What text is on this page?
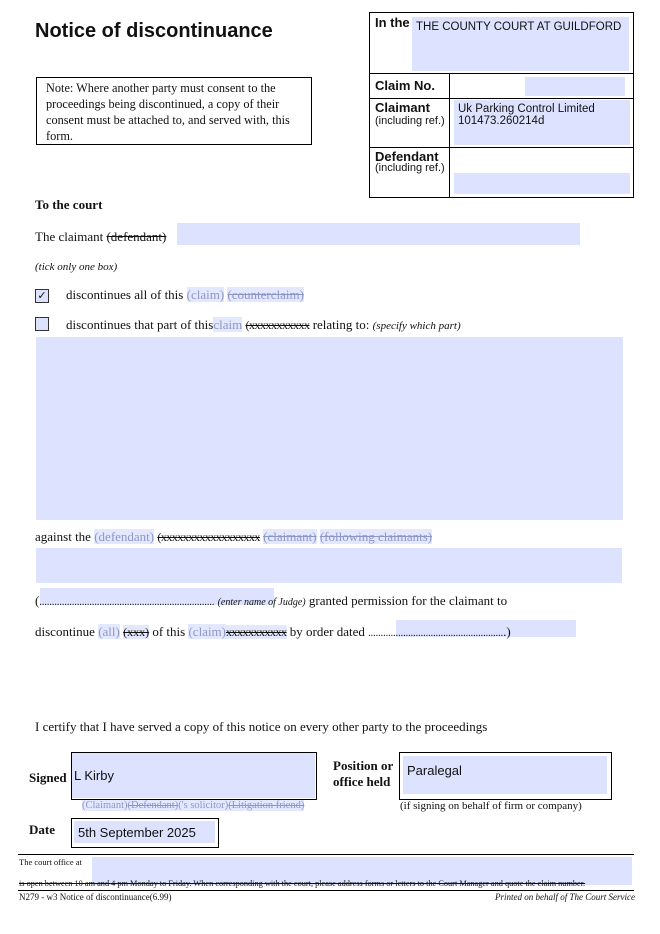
Notice of discontinuance
Note: Where another party must consent to the proceedings being discontinued, a copy of their consent must be attached to, and served with, this form.
In the THE COUNTY COURT AT GUILDFORD
Claim No.
Claimant
(including ref.)
Uk Parking Control Limited
101473.260214d
Defendant
(including ref.)
To the court
The claimant (defendant)
(tick only one box)
✓ discontinues all of this (claim) (counterclaim)
discontinues that part of thisclaim (xxxxxxxxxxx relating to: (specify which part)
against the (defendant) (xxxxxxxxxxxxxxxxxx (claimant) (following claimants)
(...................................................................... (enter name of Judge) granted permission for the claimant to
discontinue (all) (xxx) of this (claim)xxxxxxxxxxx by order dated .......................................................)
I certify that I have served a copy of this notice on every other party to the proceedings
Signed L Kirby
(Claimant)(Defendant)('s solicitor)(Litigation friend)
Position or
office held
Paralegal
(if signing on behalf of firm or company)
Date	5th September 2025
The court office at
is open between 10 am and 4 pm Monday to Friday. When corresponding with the court, please address forms or letters to the Court Manager and quote the claim number.
N279 - w3 Notice of discontinuance(6.99)	Printed on behalf of The Court Service
